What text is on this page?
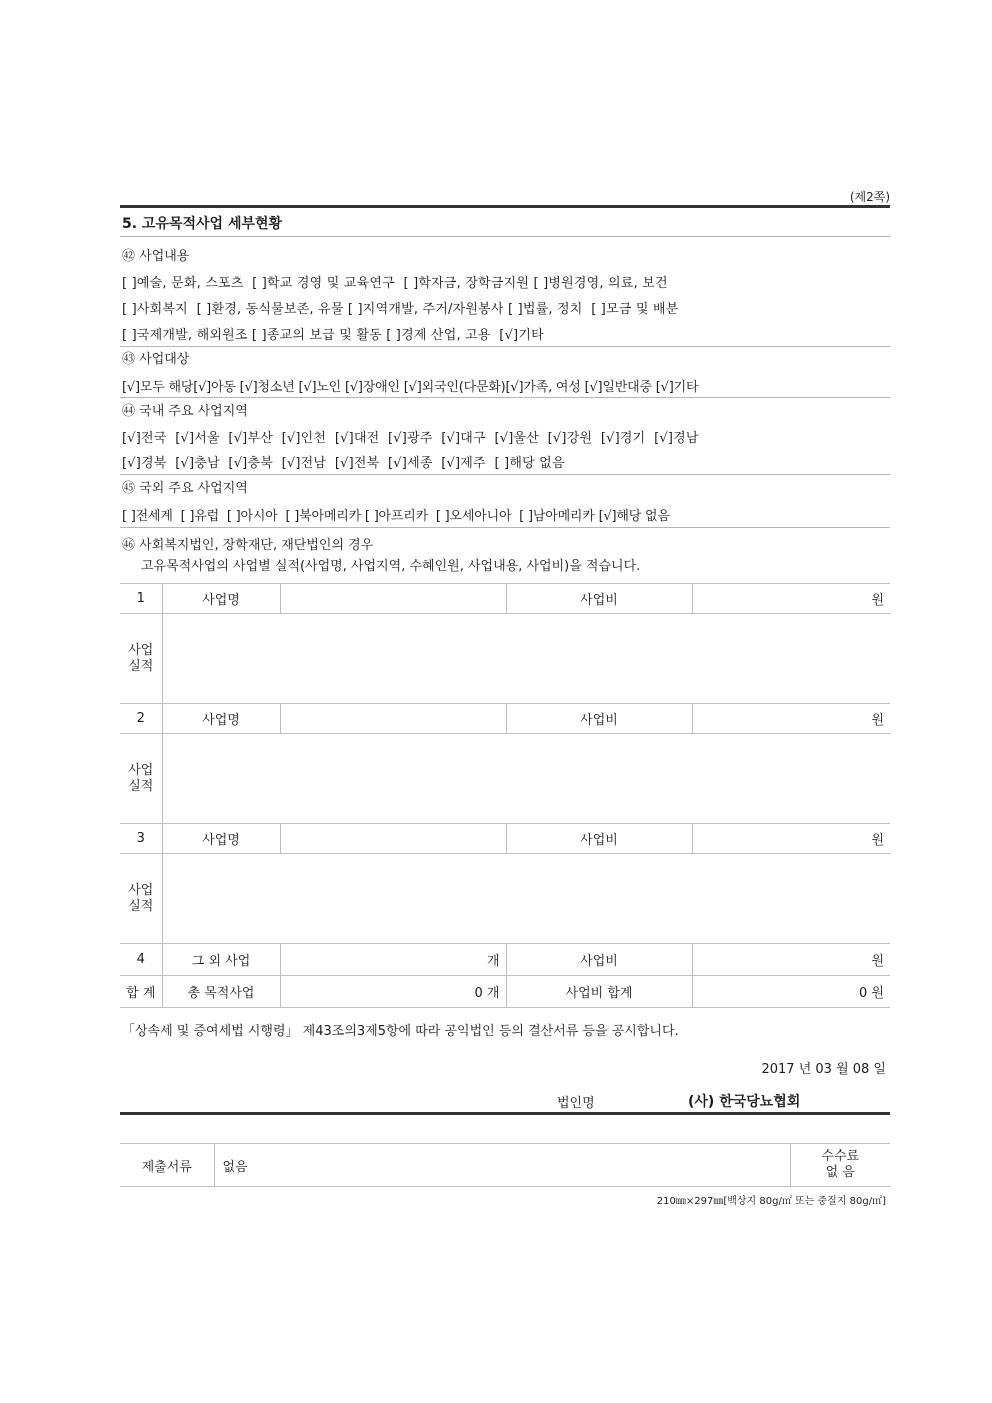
(제2쪽)
5. 고유목적사업 세부현황
㊷ 사업내용
[ ]예술, 문화, 스포츠  [ ]학교 경영 및 교육연구  [ ]학자금, 장학금지원 [ ]병원경영, 의료, 보건
[ ]사회복지  [ ]환경, 동식물보존, 유물 [ ]지역개발, 주거/자원봉사 [ ]법률, 정치  [ ]모금 및 배분
[ ]국제개발, 해외원조 [ ]종교의 보급 및 활동 [ ]경제 산업, 고용  [√]기타
㊸ 사업대상
[√]모두 해당[√]아동 [√]청소년 [√]노인 [√]장애인 [√]외국인(다문화)[√]가족, 여성 [√]일반대중 [√]기타
㊹ 국내 주요 사업지역
[√]전국  [√]서울  [√]부산  [√]인천  [√]대전  [√]광주  [√]대구  [√]울산  [√]강원  [√]경기  [√]경남
[√]경북  [√]충남  [√]충북  [√]전남  [√]전북  [√]세종  [√]제주  [ ]해당 없음
㊺ 국외 주요 사업지역
[ ]전세계  [ ]유럽  [ ]아시아  [ ]북아메리카 [ ]아프리카  [ ]오세아니아  [ ]남아메리카 [√]해당 없음
㊻ 사회복지법인, 장학재단, 재단법인의 경우
고유목적사업의 사업별 실적(사업명, 사업지역, 수혜인원, 사업내용, 사업비)을 적습니다.
1	사업명		사업비	원
사업
실적				
2	사업명		사업비	원
사업
실적				
3	사업명		사업비	원
사업
실적				
4	그 외 사업	개	사업비	원
합 계	총 목적사업	0 개	사업비 합계	0 원
「상속세 및 증여세법 시행령」 제43조의3제5항에 따라 공익법인 등의 결산서류 등을 공시합니다.
2017 년 03 월 08 일
법인명	(사) 한국당뇨협회
제출서류	없음	수수료
없 음
210㎜×297㎜[백상지 80g/㎡ 또는 중질지 80g/㎡]
